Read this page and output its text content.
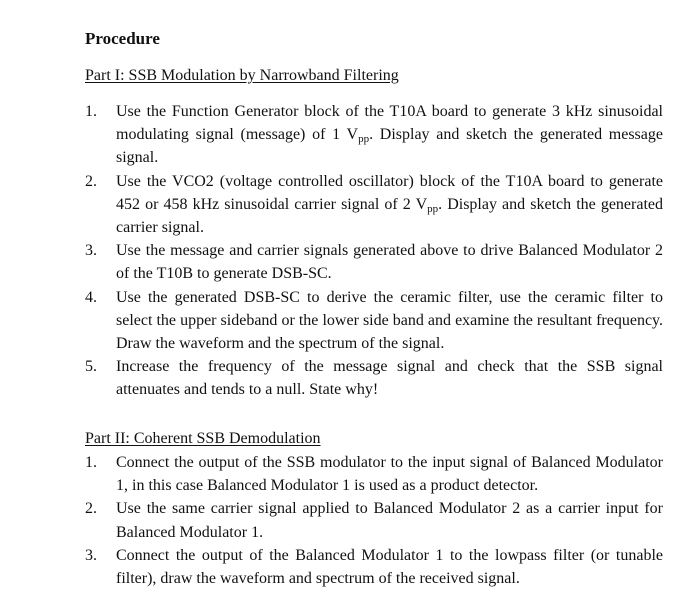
Procedure
Part I: SSB Modulation by Narrowband Filtering
1.	Use the Function Generator block of the T10A board to generate 3 kHz sinusoidal modulating signal (message) of 1 $V_{pp}$. Display and sketch the generated message signal.
2.	Use the VCO2 (voltage controlled oscillator) block of the T10A board to generate 452 or 458 kHz sinusoidal carrier signal of 2 $V_{pp}$. Display and sketch the generated carrier signal.
3.	Use the message and carrier signals generated above to drive Balanced Modulator 2 of the T10B to generate DSB-SC.
4.	Use the generated DSB-SC to derive the ceramic filter, use the ceramic filter to select the upper sideband or the lower side band and examine the resultant frequency. Draw the waveform and the spectrum of the signal.
5.	Increase the frequency of the message signal and check that the SSB signal attenuates and tends to a null. State why!
Part II: Coherent SSB Demodulation
1.	Connect the output of the SSB modulator to the input signal of Balanced Modulator 1, in this case Balanced Modulator 1 is used as a product detector.
2.	Use the same carrier signal applied to Balanced Modulator 2 as a carrier input for Balanced Modulator 1.
3.	Connect the output of the Balanced Modulator 1 to the lowpass filter (or tunable filter), draw the waveform and spectrum of the received signal.
